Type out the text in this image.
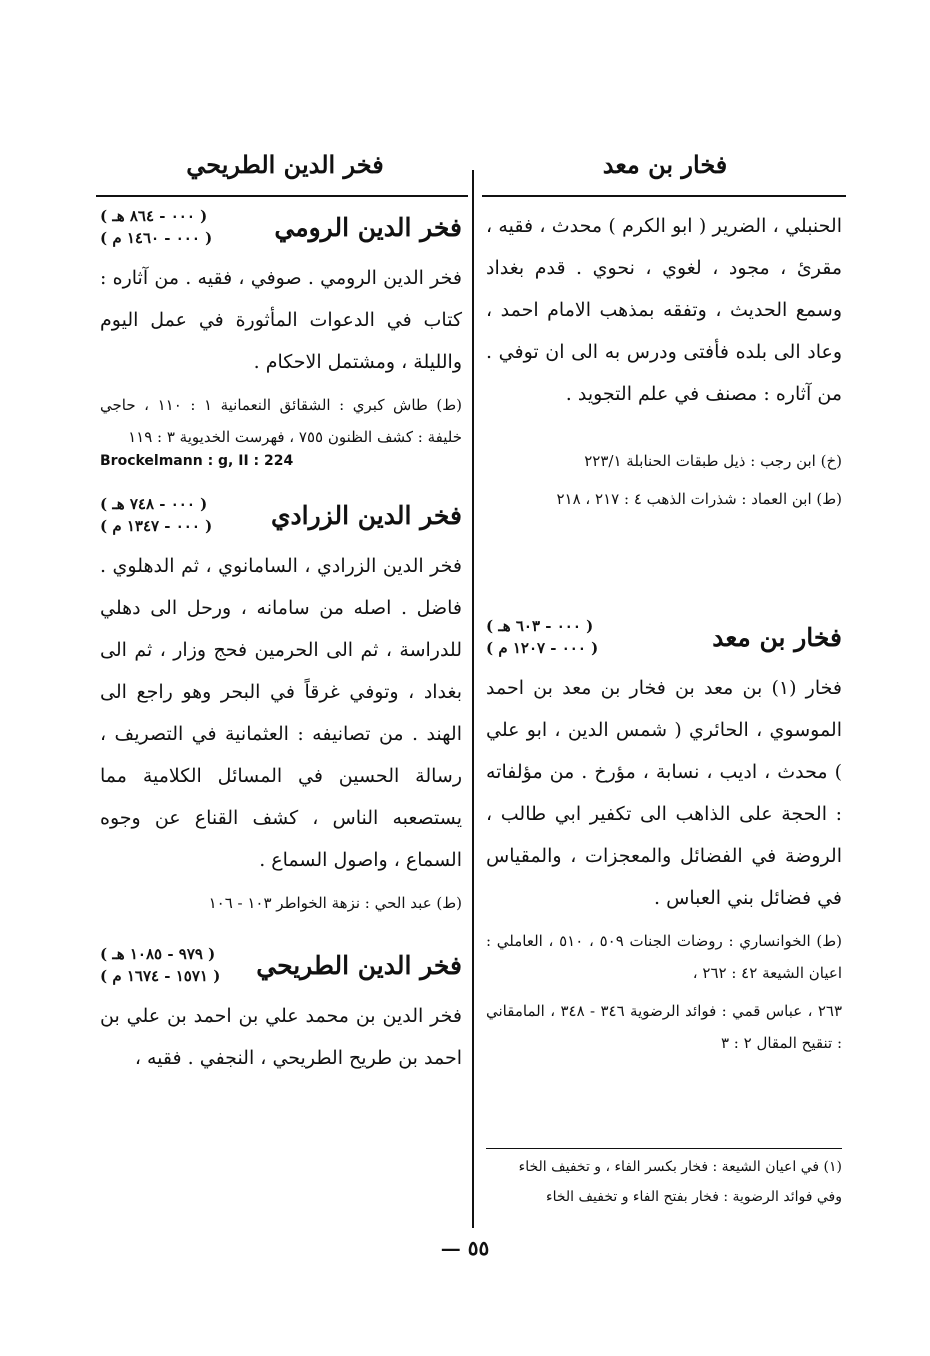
فخر الدين الطريحي	فخار بن معد

الحنبلي ، الضرير ( ابو الكرم ) محدث ، فقيه ، مقرئ ، مجود ، لغوي ، نحوي . قدم بغداد وسمع الحديث ، وتفقه بمذهب الامام احمد ، وعاد الى بلده فأفتى ودرس به الى ان توفي . من آثاره : مصنف في علم التجويد .

(خ) ابن رجب : ذيل طبقات الحنابلة ٢٢٣/١

(ط) ابن العماد : شذرات الذهب ٤ : ٢١٧ ، ٢١٨

فخار بن معد
( ٠٠٠ - ٦٠٣ هـ )
( ٠٠٠ - ١٢٠٧ م )

فخار (١) بن معد بن فخار بن معد بن احمد الموسوي ، الحائري ( شمس الدين ، ابو علي ) محدث ، اديب ، نسابة ، مؤرخ . من مؤلفاته : الحجة على الذاهب الى تكفير ابي طالب ، الروضة في الفضائل والمعجزات ، والمقياس في فضائل بني العباس .

(ط) الخوانساري : روضات الجنات ٥٠٩ ، ٥١٠ ، العاملي : اعيان الشيعة ٤٢ : ٢٦٢ ،

٢٦٣ ، عباس قمي : فوائد الرضوية ٣٤٦ - ٣٤٨ ، المامقاني : تنقيح المقال ٢ : ٣

فخر الدين الرومي
( ٠٠٠ - ٨٦٤ هـ )
( ٠٠٠ - ١٤٦٠ م )

فخر الدين الرومي . صوفي ، فقيه . من آثاره : كتاب في الدعوات المأثورة في عمل اليوم والليلة ، ومشتمل الاحكام .

(ط) طاش كبري : الشقائق النعمانية ١ : ١١٠ ، حاجي خليفة : كشف الظنون ٧٥٥ ، فهرست الخديوية ٣ : ١١٩

Brockelmann : g, II : 224
فخر الدين الزرادي
( ٠٠٠ - ٧٤٨ هـ )
( ٠٠٠ - ١٣٤٧ م )

فخر الدين الزرادي ، السامانوي ، ثم الدهلوي . فاضل . اصله من سامانه ، ورحل الى دهلي للدراسة ، ثم الى الحرمين فحج وزار ، ثم الى بغداد ، وتوفي غرقاً في البحر وهو راجع الى الهند . من تصانيفه : العثمانية في التصريف ، رسالة الحسين في المسائل الكلامية مما يستصعبه الناس ، كشف القناع عن وجوه السماع ، واصول السماع .

(ط) عبد الحي : نزهة الخواطر ١٠٣ - ١٠٦

فخر الدين الطريحي
( ٩٧٩ - ١٠٨٥ هـ )
( ١٥٧١ - ١٦٧٤ م )

فخر الدين بن محمد علي بن احمد بن علي بن احمد بن طريح الطريحي ، النجفي . فقيه ،

(١) في اعيان الشيعة : فخار بكسر الفاء ، و تخفيف الخاء
وفي فوائد الرضوية : فخار بفتح الفاء و تخفيف الخاء
— ٥٥
